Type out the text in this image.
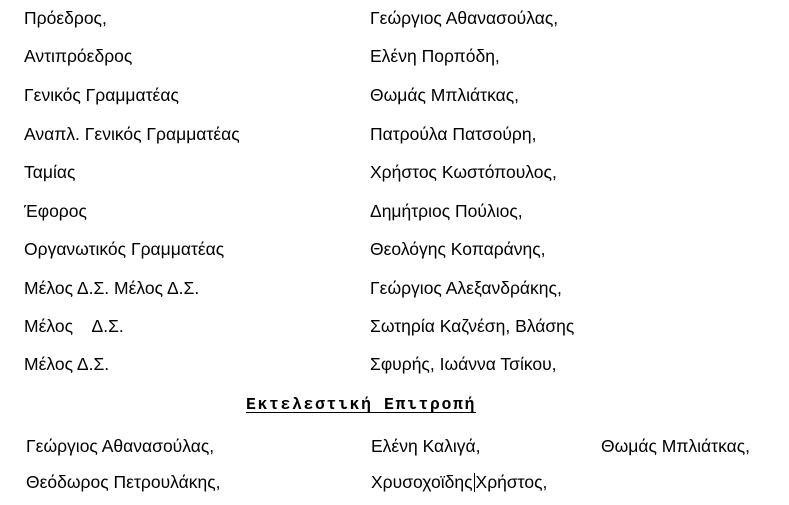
Πρόεδρος,	Γεώργιος Αθανασούλας,
Αντιπρόεδρος	Ελένη Πορπόδη,
Γενικός Γραμματέας	Θωμάς Μπλιάτκας,
Αναπλ. Γενικός Γραμματέας	Πατρούλα Πατσούρη,
Ταμίας	Χρήστος Κωστόπουλος,
Έφορος	Δημήτριος Πούλιος,
Οργανωτικός Γραμματέας	Θεολόγης Κοπαράνης,
Μέλος Δ.Σ. Μέλος Δ.Σ.	Γεώργιος Αλεξανδράκης,
Μέλος    Δ.Σ.	Σωτηρία Καζνέση, Βλάσης
Μέλος Δ.Σ.	Σφυρής, Ιωάννα Τσίκου,
Εκτελεστική Επιτροπή
Γεώργιος Αθανασούλας,	Ελένη Καλιγά,	Θωμάς Μπλιάτκας,
Θεόδωρος Πετρουλάκης,	Χρυσοχοϊδης Χρήστος,
